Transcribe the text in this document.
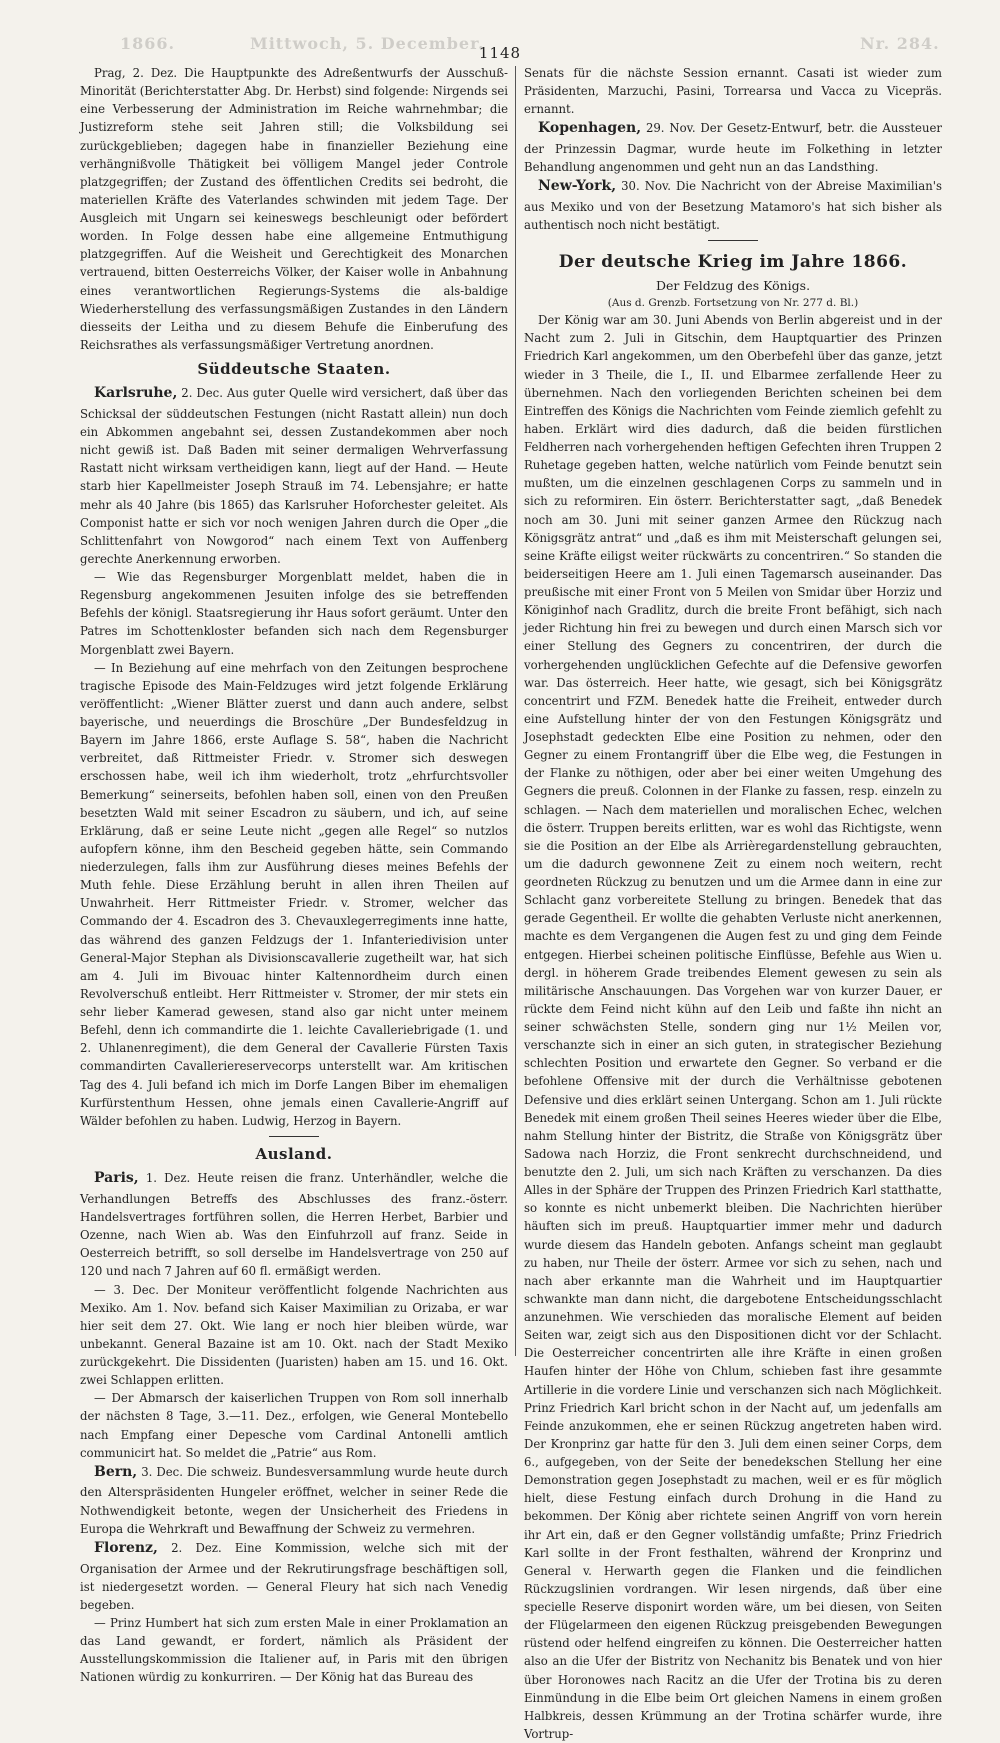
1866.	Mittwoch, 5. December.	Nr. 284.
1148

Prag, 2. Dez. Die Hauptpunkte des Adreßentwurfs der Ausschuß-Minorität (Berichterstatter Abg. Dr. Herbst) sind folgende: Nirgends sei eine Verbesserung der Administration im Reiche wahrnehmbar; die Justizreform stehe seit Jahren still; die Volksbildung sei zurückgeblieben; dagegen habe in finanzieller Beziehung eine verhängnißvolle Thätigkeit bei völligem Mangel jeder Controle platzgegriffen; der Zustand des öffentlichen Credits sei bedroht, die materiellen Kräfte des Vaterlandes schwinden mit jedem Tage. Der Ausgleich mit Ungarn sei keineswegs beschleunigt oder befördert worden. In Folge dessen habe eine allgemeine Entmuthigung platzgegriffen. Auf die Weisheit und Gerechtigkeit des Monarchen vertrauend, bitten Oesterreichs Völker, der Kaiser wolle in Anbahnung eines verantwortlichen Regierungs-Systems die als-baldige Wiederherstellung des verfassungsmäßigen Zustandes in den Ländern diesseits der Leitha und zu diesem Behufe die Einberufung des Reichsrathes als verfassungsmäßiger Vertretung anordnen.

Süddeutsche Staaten.

Karlsruhe, 2. Dec. Aus guter Quelle wird versichert, daß über das Schicksal der süddeutschen Festungen (nicht Rastatt allein) nun doch ein Abkommen angebahnt sei, dessen Zustandekommen aber noch nicht gewiß ist. Daß Baden mit seiner dermaligen Wehrverfassung Rastatt nicht wirksam vertheidigen kann, liegt auf der Hand. — Heute starb hier Kapellmeister Joseph Strauß im 74. Lebensjahre; er hatte mehr als 40 Jahre (bis 1865) das Karlsruher Hoforchester geleitet. Als Componist hatte er sich vor noch wenigen Jahren durch die Oper „die Schlittenfahrt von Nowgorod“ nach einem Text von Auffenberg gerechte Anerkennung erworben.

— Wie das Regensburger Morgenblatt meldet, haben die in Regensburg angekommenen Jesuiten infolge des sie betreffenden Befehls der königl. Staatsregierung ihr Haus sofort geräumt. Unter den Patres im Schottenkloster befanden sich nach dem Regensburger Morgenblatt zwei Bayern.

— In Beziehung auf eine mehrfach von den Zeitungen besprochene tragische Episode des Main-Feldzuges wird jetzt folgende Erklärung veröffentlicht: „Wiener Blätter zuerst und dann auch andere, selbst bayerische, und neuerdings die Broschüre „Der Bundesfeldzug in Bayern im Jahre 1866, erste Auflage S. 58“, haben die Nachricht verbreitet, daß Rittmeister Friedr. v. Stromer sich deswegen erschossen habe, weil ich ihm wiederholt, trotz „ehrfurchtsvoller Bemerkung“ seinerseits, befohlen haben soll, einen von den Preußen besetzten Wald mit seiner Escadron zu säubern, und ich, auf seine Erklärung, daß er seine Leute nicht „gegen alle Regel“ so nutzlos aufopfern könne, ihm den Bescheid gegeben hätte, sein Commando niederzulegen, falls ihm zur Ausführung dieses meines Befehls der Muth fehle. Diese Erzählung beruht in allen ihren Theilen auf Unwahrheit. Herr Rittmeister Friedr. v. Stromer, welcher das Commando der 4. Escadron des 3. Chevauxlegerregiments inne hatte, das während des ganzen Feldzugs der 1. Infanteriedivision unter General-Major Stephan als Divisionscavallerie zugetheilt war, hat sich am 4. Juli im Bivouac hinter Kaltennordheim durch einen Revolverschuß entleibt. Herr Rittmeister v. Stromer, der mir stets ein sehr lieber Kamerad gewesen, stand also gar nicht unter meinem Befehl, denn ich commandirte die 1. leichte Cavalleriebrigade (1. und 2. Uhlanenregiment), die dem General der Cavallerie Fürsten Taxis commandirten Cavalleriereservecorps unterstellt war. Am kritischen Tag des 4. Juli befand ich mich im Dorfe Langen Biber im ehemaligen Kurfürstenthum Hessen, ohne jemals einen Cavallerie-Angriff auf Wälder befohlen zu haben. Ludwig, Herzog in Bayern.

Ausland.

Paris, 1. Dez. Heute reisen die franz. Unterhändler, welche die Verhandlungen Betreffs des Abschlusses des franz.-österr. Handelsvertrages fortführen sollen, die Herren Herbet, Barbier und Ozenne, nach Wien ab. Was den Einfuhrzoll auf franz. Seide in Oesterreich betrifft, so soll derselbe im Handelsvertrage von 250 auf 120 und nach 7 Jahren auf 60 fl. ermäßigt werden.

— 3. Dec. Der Moniteur veröffentlicht folgende Nachrichten aus Mexiko. Am 1. Nov. befand sich Kaiser Maximilian zu Orizaba, er war hier seit dem 27. Okt. Wie lang er noch hier bleiben würde, war unbekannt. General Bazaine ist am 10. Okt. nach der Stadt Mexiko zurückgekehrt. Die Dissidenten (Juaristen) haben am 15. und 16. Okt. zwei Schlappen erlitten.

— Der Abmarsch der kaiserlichen Truppen von Rom soll innerhalb der nächsten 8 Tage, 3.—11. Dez., erfolgen, wie General Montebello nach Empfang einer Depesche vom Cardinal Antonelli amtlich communicirt hat. So meldet die „Patrie“ aus Rom.

Bern, 3. Dec. Die schweiz. Bundesversammlung wurde heute durch den Alterspräsidenten Hungeler eröffnet, welcher in seiner Rede die Nothwendigkeit betonte, wegen der Unsicherheit des Friedens in Europa die Wehrkraft und Bewaffnung der Schweiz zu vermehren.

Florenz, 2. Dez. Eine Kommission, welche sich mit der Organisation der Armee und der Rekrutirungsfrage beschäftigen soll, ist niedergesetzt worden. — General Fleury hat sich nach Venedig begeben.

— Prinz Humbert hat sich zum ersten Male in einer Proklamation an das Land gewandt, er fordert, nämlich als Präsident der Ausstellungskommission die Italiener auf, in Paris mit den übrigen Nationen würdig zu konkurriren. — Der König hat das Bureau des

Senats für die nächste Session ernannt. Casati ist wieder zum Präsidenten, Marzuchi, Pasini, Torrearsa und Vacca zu Vicepräs. ernannt.

Kopenhagen, 29. Nov. Der Gesetz-Entwurf, betr. die Aussteuer der Prinzessin Dagmar, wurde heute im Folkething in letzter Behandlung angenommen und geht nun an das Landsthing.

New-York, 30. Nov. Die Nachricht von der Abreise Maximilian's aus Mexiko und von der Besetzung Matamoro's hat sich bisher als authentisch noch nicht bestätigt.

Der deutsche Krieg im Jahre 1866.
Der Feldzug des Königs.
(Aus d. Grenzb. Fortsetzung von Nr. 277 d. Bl.)

Der König war am 30. Juni Abends von Berlin abgereist und in der Nacht zum 2. Juli in Gitschin, dem Hauptquartier des Prinzen Friedrich Karl angekommen, um den Oberbefehl über das ganze, jetzt wieder in 3 Theile, die I., II. und Elbarmee zerfallende Heer zu übernehmen. Nach den vorliegenden Berichten scheinen bei dem Eintreffen des Königs die Nachrichten vom Feinde ziemlich gefehlt zu haben. Erklärt wird dies dadurch, daß die beiden fürstlichen Feldherren nach vorhergehenden heftigen Gefechten ihren Truppen 2 Ruhetage gegeben hatten, welche natürlich vom Feinde benutzt sein mußten, um die einzelnen geschlagenen Corps zu sammeln und in sich zu reformiren. Ein österr. Berichterstatter sagt, „daß Benedek noch am 30. Juni mit seiner ganzen Armee den Rückzug nach Königsgrätz antrat“ und „daß es ihm mit Meisterschaft gelungen sei, seine Kräfte eiligst weiter rückwärts zu concentriren.“ So standen die beiderseitigen Heere am 1. Juli einen Tagemarsch auseinander. Das preußische mit einer Front von 5 Meilen von Smidar über Horziz und Königinhof nach Gradlitz, durch die breite Front befähigt, sich nach jeder Richtung hin frei zu bewegen und durch einen Marsch sich vor einer Stellung des Gegners zu concentriren, der durch die vorhergehenden unglücklichen Gefechte auf die Defensive geworfen war. Das österreich. Heer hatte, wie gesagt, sich bei Königsgrätz concentrirt und FZM. Benedek hatte die Freiheit, entweder durch eine Aufstellung hinter der von den Festungen Königsgrätz und Josephstadt gedeckten Elbe eine Position zu nehmen, oder den Gegner zu einem Frontangriff über die Elbe weg, die Festungen in der Flanke zu nöthigen, oder aber bei einer weiten Umgehung des Gegners die preuß. Colonnen in der Flanke zu fassen, resp. einzeln zu schlagen. — Nach dem materiellen und moralischen Echec, welchen die österr. Truppen bereits erlitten, war es wohl das Richtigste, wenn sie die Position an der Elbe als Arrièregardenstellung gebrauchten, um die dadurch gewonnene Zeit zu einem noch weitern, recht geordneten Rückzug zu benutzen und um die Armee dann in eine zur Schlacht ganz vorbereitete Stellung zu bringen. Benedek that das gerade Gegentheil. Er wollte die gehabten Verluste nicht anerkennen, machte es dem Vergangenen die Augen fest zu und ging dem Feinde entgegen. Hierbei scheinen politische Einflüsse, Befehle aus Wien u. dergl. in höherem Grade treibendes Element gewesen zu sein als militärische Anschauungen. Das Vorgehen war von kurzer Dauer, er rückte dem Feind nicht kühn auf den Leib und faßte ihn nicht an seiner schwächsten Stelle, sondern ging nur 1½ Meilen vor, verschanzte sich in einer an sich guten, in strategischer Beziehung schlechten Position und erwartete den Gegner. So verband er die befohlene Offensive mit der durch die Verhältnisse gebotenen Defensive und dies erklärt seinen Untergang. Schon am 1. Juli rückte Benedek mit einem großen Theil seines Heeres wieder über die Elbe, nahm Stellung hinter der Bistritz, die Straße von Königsgrätz über Sadowa nach Horziz, die Front senkrecht durchschneidend, und benutzte den 2. Juli, um sich nach Kräften zu verschanzen. Da dies Alles in der Sphäre der Truppen des Prinzen Friedrich Karl statthatte, so konnte es nicht unbemerkt bleiben. Die Nachrichten hierüber häuften sich im preuß. Hauptquartier immer mehr und dadurch wurde diesem das Handeln geboten. Anfangs scheint man geglaubt zu haben, nur Theile der österr. Armee vor sich zu sehen, nach und nach aber erkannte man die Wahrheit und im Hauptquartier schwankte man dann nicht, die dargebotene Entscheidungsschlacht anzunehmen. Wie verschieden das moralische Element auf beiden Seiten war, zeigt sich aus den Dispositionen dicht vor der Schlacht. Die Oesterreicher concentrirten alle ihre Kräfte in einen großen Haufen hinter der Höhe von Chlum, schieben fast ihre gesammte Artillerie in die vordere Linie und verschanzen sich nach Möglichkeit. Prinz Friedrich Karl bricht schon in der Nacht auf, um jedenfalls am Feinde anzukommen, ehe er seinen Rückzug angetreten haben wird. Der Kronprinz gar hatte für den 3. Juli dem einen seiner Corps, dem 6., aufgegeben, von der Seite der benedekschen Stellung her eine Demonstration gegen Josephstadt zu machen, weil er es für möglich hielt, diese Festung einfach durch Drohung in die Hand zu bekommen. Der König aber richtete seinen Angriff von vorn herein ihr Art ein, daß er den Gegner vollständig umfaßte; Prinz Friedrich Karl sollte in der Front festhalten, während der Kronprinz und General v. Herwarth gegen die Flanken und die feindlichen Rückzugslinien vordrangen. Wir lesen nirgends, daß über eine specielle Reserve disponirt worden wäre, um bei diesen, von Seiten der Flügelarmeen den eigenen Rückzug preisgebenden Bewegungen rüstend oder helfend eingreifen zu können. Die Oesterreicher hatten also an die Ufer der Bistritz von Nechanitz bis Benatek und von hier über Horonowes nach Racitz an die Ufer der Trotina bis zu deren Einmündung in die Elbe beim Ort gleichen Namens in einem großen Halbkreis, dessen Krümmung an der Trotina schärfer wurde, ihre Vortrup-
